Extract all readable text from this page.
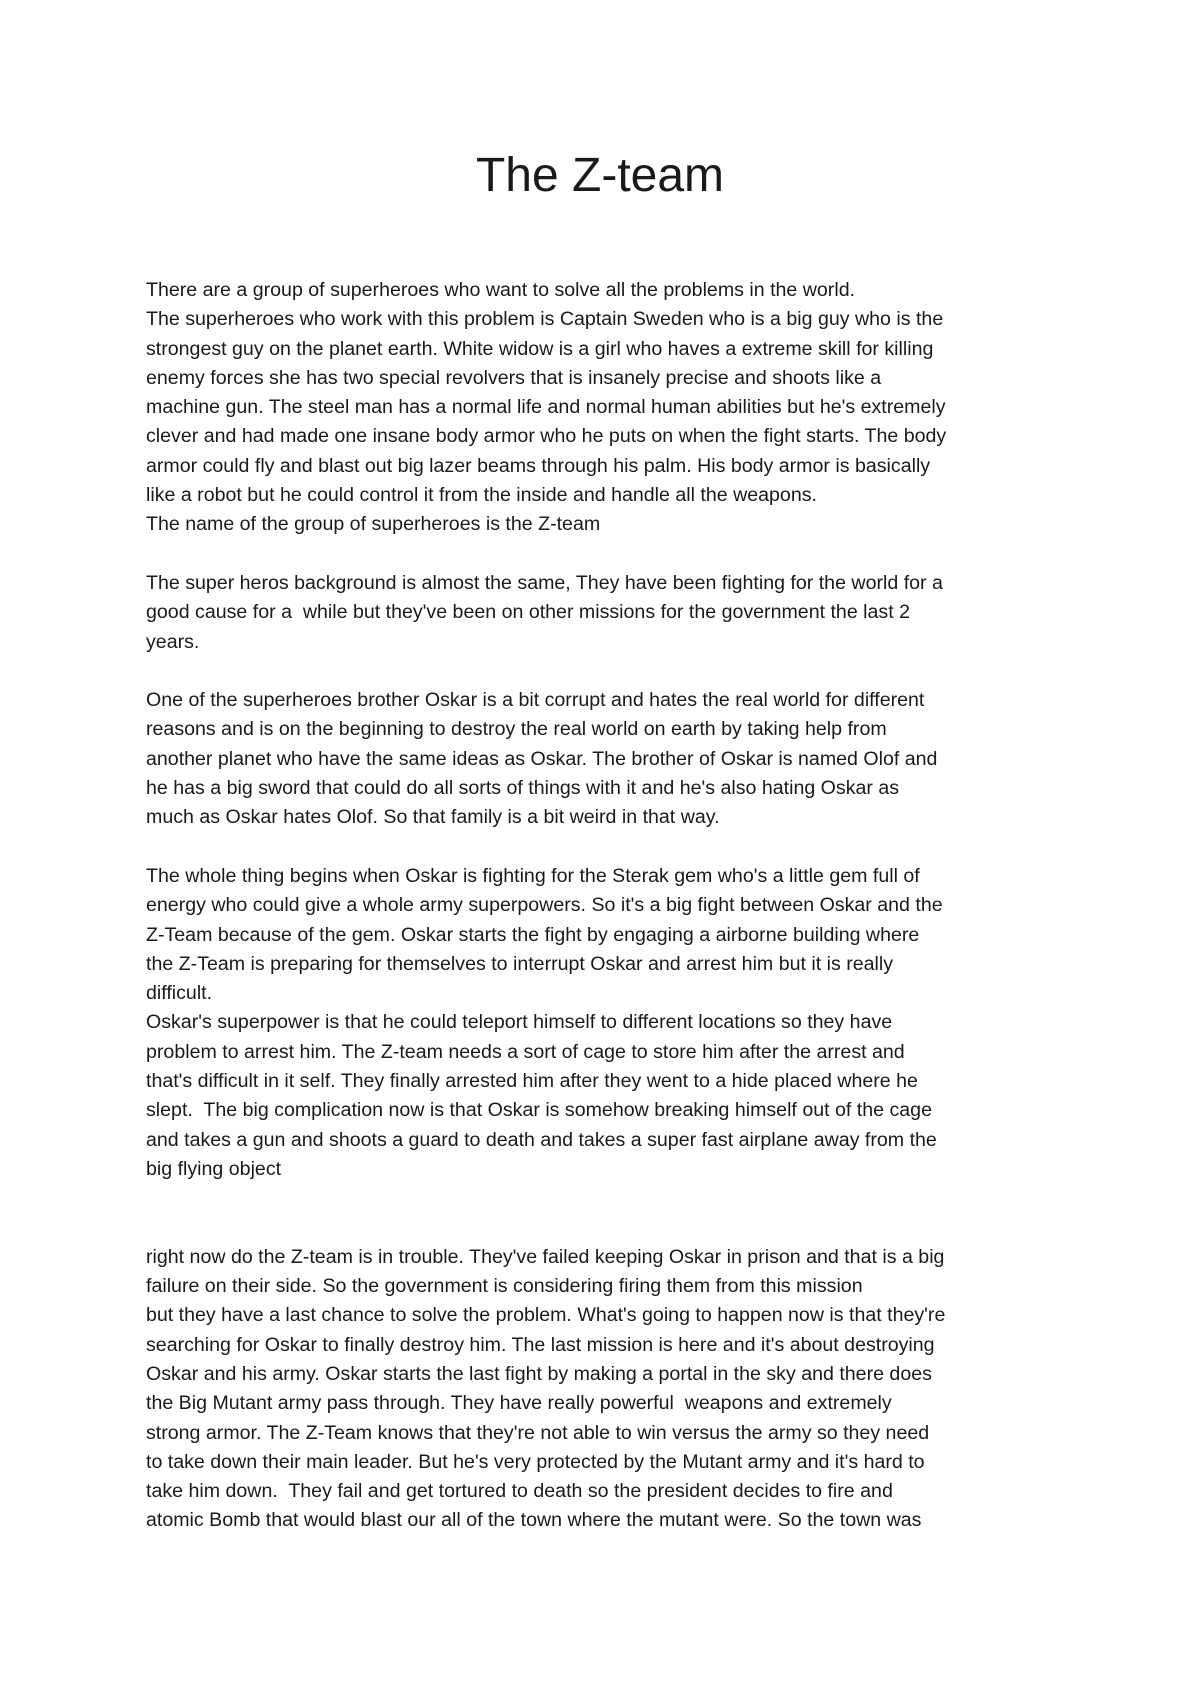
The Z-team

There are a group of superheroes who want to solve all the problems in the world.

The superheroes who work with this problem is Captain Sweden who is a big guy who is the

strongest guy on the planet earth. White widow is a girl who haves a extreme skill for killing

enemy forces she has two special revolvers that is insanely precise and shoots like a

machine gun. The steel man has a normal life and normal human abilities but he's extremely

clever and had made one insane body armor who he puts on when the fight starts. The body

armor could fly and blast out big lazer beams through his palm. His body armor is basically

like a robot but he could control it from the inside and handle all the weapons.

The name of the group of superheroes is the Z-team

The super heros background is almost the same, They have been fighting for the world for a

good cause for a  while but they've been on other missions for the government the last 2

years.

One of the superheroes brother Oskar is a bit corrupt and hates the real world for different

reasons and is on the beginning to destroy the real world on earth by taking help from

another planet who have the same ideas as Oskar. The brother of Oskar is named Olof and

he has a big sword that could do all sorts of things with it and he's also hating Oskar as

much as Oskar hates Olof. So that family is a bit weird in that way.

The whole thing begins when Oskar is fighting for the Sterak gem who's a little gem full of

energy who could give a whole army superpowers. So it's a big fight between Oskar and the

Z-Team because of the gem. Oskar starts the fight by engaging a airborne building where

the Z-Team is preparing for themselves to interrupt Oskar and arrest him but it is really

difficult.

Oskar's superpower is that he could teleport himself to different locations so they have

problem to arrest him. The Z-team needs a sort of cage to store him after the arrest and

that's difficult in it self. They finally arrested him after they went to a hide placed where he

slept.  The big complication now is that Oskar is somehow breaking himself out of the cage

and takes a gun and shoots a guard to death and takes a super fast airplane away from the

big flying object

right now do the Z-team is in trouble. They've failed keeping Oskar in prison and that is a big

failure on their side. So the government is considering firing them from this mission

but they have a last chance to solve the problem. What's going to happen now is that they're

searching for Oskar to finally destroy him. The last mission is here and it's about destroying

Oskar and his army. Oskar starts the last fight by making a portal in the sky and there does

the Big Mutant army pass through. They have really powerful  weapons and extremely

strong armor. The Z-Team knows that they're not able to win versus the army so they need

to take down their main leader. But he's very protected by the Mutant army and it's hard to

take him down.  They fail and get tortured to death so the president decides to fire and

atomic Bomb that would blast our all of the town where the mutant were. So the town was
